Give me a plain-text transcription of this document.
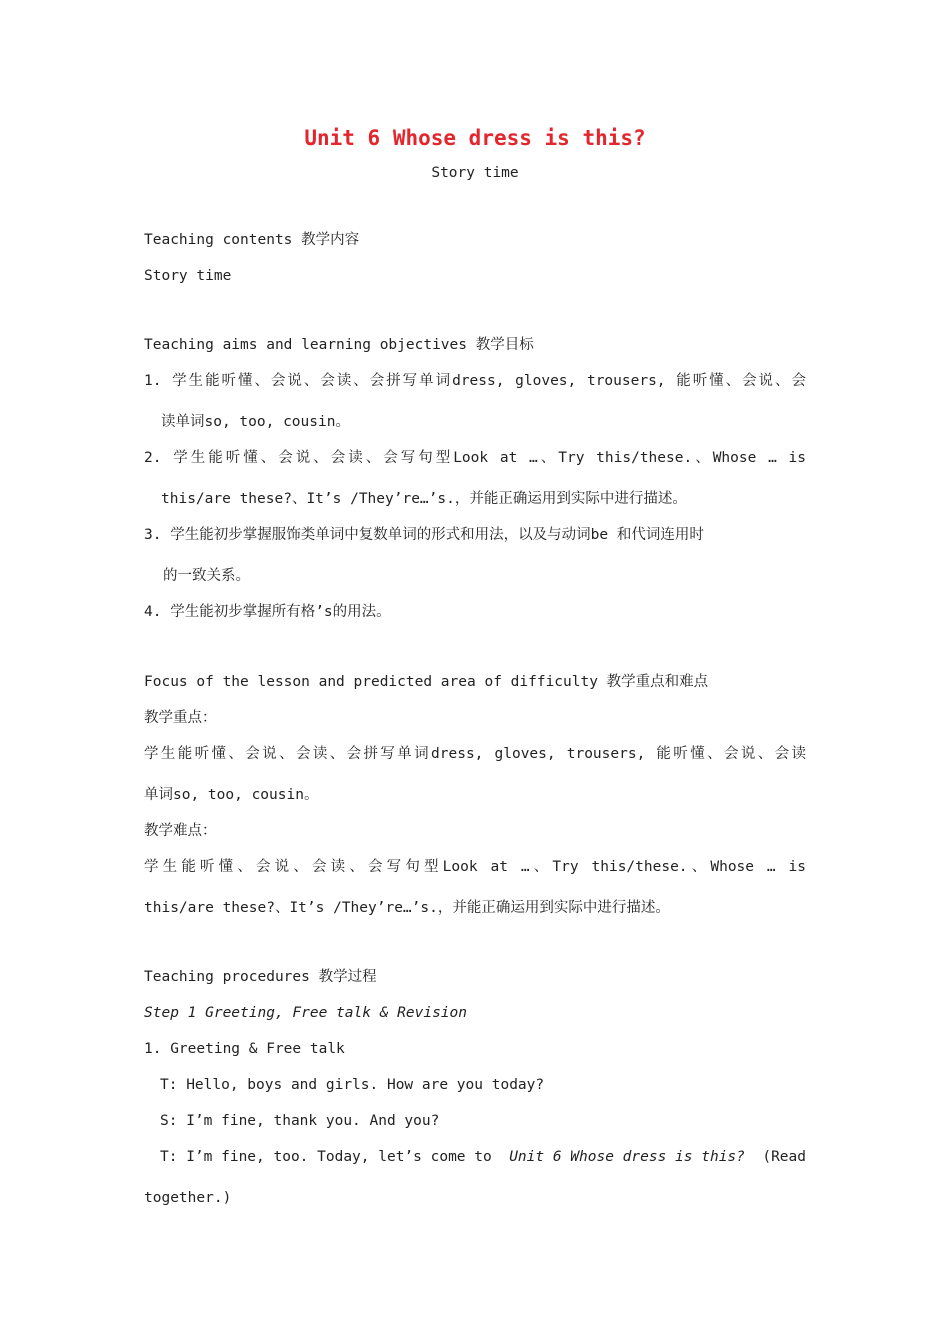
Unit 6 Whose dress is this?
Story time
Teaching contents 教学内容
Story time
Teaching aims and learning objectives 教学目标
1. 学生能听懂、会说、会读、会拼写单词dress, gloves, trousers, 能听懂、会说、会
读单词so, too, cousin。
2. 学生能听懂、会说、会读、会写句型Look at …、Try this/these.、Whose … is
this/are these?、It’s /They’re…’s.，并能正确运用到实际中进行描述。
3. 学生能初步掌握服饰类单词中复数单词的形式和用法，以及与动词be 和代词连用时
的一致关系。
4. 学生能初步掌握所有格’s的用法。
Focus of the lesson and predicted area of difficulty 教学重点和难点
教学重点：
学生能听懂、会说、会读、会拼写单词dress, gloves, trousers, 能听懂、会说、会读
单词so, too, cousin。
教学难点：
学生能听懂、会说、会读、会写句型Look at …、Try this/these.、Whose … is
this/are these?、It’s /They’re…’s.，并能正确运用到实际中进行描述。
Teaching procedures 教学过程
Step 1 Greeting, Free talk & Revision
1. Greeting & Free talk
T: Hello, boys and girls. How are you today?
S: I’m fine, thank you. And you?
T: I’m fine, too. Today, let’s come to Unit 6 Whose dress is this? (Read
together.)
